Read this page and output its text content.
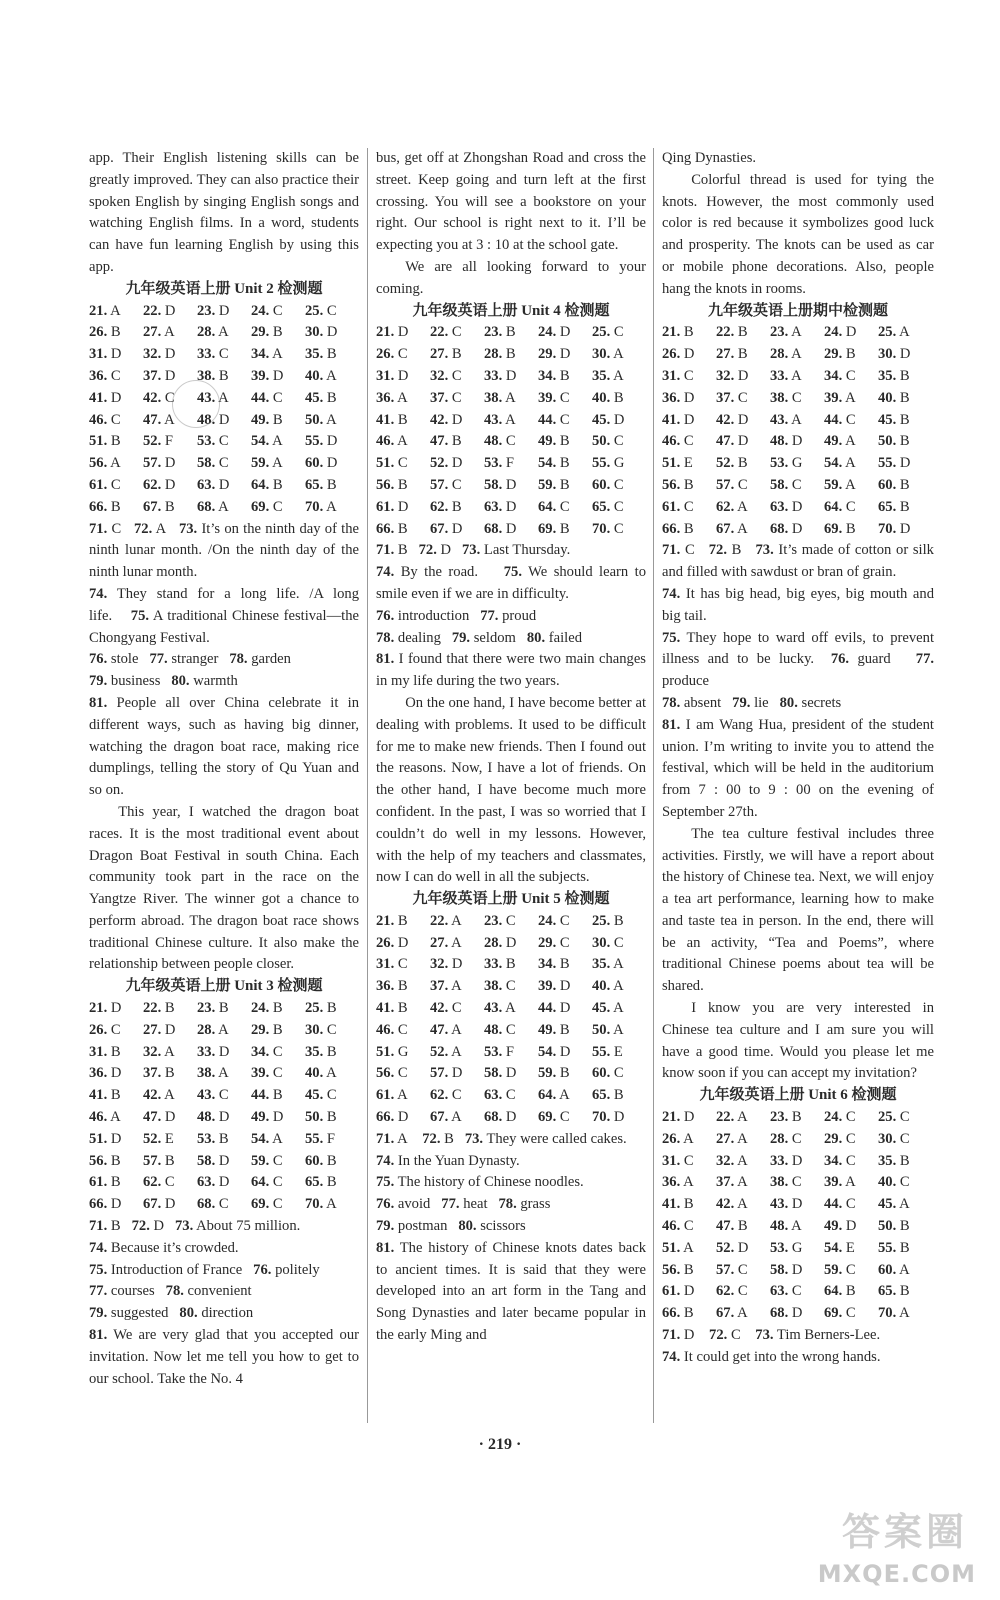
app. Their English listening skills can be greatly improved. They can also practice their spoken English by singing English songs and watching English films. In a word, students can have fun learning English by using this app.

九年级英语上册 Unit 2 检测题

21. A	22. D	23. D	24. C	25. C
26. B	27. A	28. A	29. B	30. D
31. D	32. D	33. C	34. A	35. B
36. C	37. D	38. B	39. D	40. A
41. D	42. C	43. A	44. C	45. B
46. C	47. A	48. D	49. B	50. A
51. B	52. F	53. C	54. A	55. D
56. A	57. D	58. C	59. A	60. D
61. C	62. D	63. D	64. B	65. B
66. B	67. B	68. A	69. C	70. A

71. C 72. A 73. It’s on the ninth day of the ninth lunar month. /On the ninth day of the ninth lunar month.

74. They stand for a long life. /A long life. 75. A traditional Chinese festival—the Chongyang Festival.

76. stole 77. stranger 78. garden

79. business 80. warmth

81. People all over China celebrate it in different ways, such as having big dinner, watching the dragon boat race, making rice dumplings, telling the story of Qu Yuan and so on.

This year, I watched the dragon boat races. It is the most traditional event about Dragon Boat Festival in south China. Each community took part in the race on the Yangtze River. The winner got a chance to perform abroad. The dragon boat race shows traditional Chinese culture. It also make the relationship between people closer.

九年级英语上册 Unit 3 检测题

21. D	22. B	23. B	24. B	25. B
26. C	27. D	28. A	29. B	30. C
31. B	32. A	33. D	34. C	35. B
36. D	37. B	38. A	39. C	40. A
41. B	42. A	43. C	44. B	45. C
46. A	47. D	48. D	49. D	50. B
51. D	52. E	53. B	54. A	55. F
56. B	57. B	58. D	59. C	60. B
61. B	62. C	63. D	64. C	65. B
66. D	67. D	68. C	69. C	70. A

71. B 72. D 73. About 75 million.

74. Because it’s crowded.

75. Introduction of France 76. politely

77. courses 78. convenient

79. suggested 80. direction

81. We are very glad that you accepted our invitation. Now let me tell you how to get to our school. Take the No. 4

bus, get off at Zhongshan Road and cross the street. Keep going and turn left at the first crossing. You will see a bookstore on your right. Our school is right next to it. I’ll be expecting you at 3 : 10 at the school gate.

We are all looking forward to your coming.

九年级英语上册 Unit 4 检测题

21. D	22. C	23. B	24. D	25. C
26. C	27. B	28. B	29. D	30. A
31. D	32. C	33. D	34. B	35. A
36. A	37. C	38. A	39. C	40. B
41. B	42. D	43. A	44. C	45. D
46. A	47. B	48. C	49. B	50. C
51. C	52. D	53. F	54. B	55. G
56. B	57. C	58. D	59. B	60. C
61. D	62. B	63. D	64. C	65. C
66. B	67. D	68. D	69. B	70. C

71. B 72. D 73. Last Thursday.

74. By the road. 75. We should learn to smile even if we are in difficulty.

76. introduction 77. proud

78. dealing 79. seldom 80. failed

81. I found that there were two main changes in my life during the two years.

On the one hand, I have become better at dealing with problems. It used to be difficult for me to make new friends. Then I found out the reasons. Now, I have a lot of friends. On the other hand, I have become much more confident. In the past, I was so worried that I couldn’t do well in my lessons. However, with the help of my teachers and classmates, now I can do well in all the subjects.

九年级英语上册 Unit 5 检测题

21. B	22. A	23. C	24. C	25. B
26. D	27. A	28. D	29. C	30. C
31. C	32. D	33. B	34. B	35. A
36. B	37. A	38. C	39. D	40. A
41. B	42. C	43. A	44. D	45. A
46. C	47. A	48. C	49. B	50. A
51. G	52. A	53. F	54. D	55. E
56. C	57. D	58. D	59. B	60. C
61. A	62. C	63. C	64. A	65. B
66. D	67. A	68. D	69. C	70. D

71. A 72. B 73. They were called cakes.

74. In the Yuan Dynasty.

75. The history of Chinese noodles.

76. avoid 77. heat 78. grass

79. postman 80. scissors

81. The history of Chinese knots dates back to ancient times. It is said that they were developed into an art form in the Tang and Song Dynasties and later became popular in the early Ming and

Qing Dynasties.

Colorful thread is used for tying the knots. However, the most commonly used color is red because it symbolizes good luck and prosperity. The knots can be used as car or mobile phone decorations. Also, people hang the knots in rooms.

九年级英语上册期中检测题

21. B	22. B	23. A	24. D	25. A
26. D	27. B	28. A	29. B	30. D
31. C	32. D	33. A	34. C	35. B
36. D	37. C	38. C	39. A	40. B
41. D	42. D	43. A	44. C	45. B
46. C	47. D	48. D	49. A	50. B
51. E	52. B	53. G	54. A	55. D
56. B	57. C	58. C	59. A	60. B
61. C	62. A	63. D	64. C	65. B
66. B	67. A	68. D	69. B	70. D

71. C 72. B 73. It’s made of cotton or silk and filled with sawdust or bran of grain.

74. It has big head, big eyes, big mouth and big tail.

75. They hope to ward off evils, to prevent illness and to be lucky. 76. guard 77. produce

78. absent 79. lie 80. secrets

81. I am Wang Hua, president of the student union. I’m writing to invite you to attend the festival, which will be held in the auditorium from 7 : 00 to 9 : 00 on the evening of September 27th.

The tea culture festival includes three activities. Firstly, we will have a report about the history of Chinese tea. Next, we will enjoy a tea art performance, learning how to make and taste tea in person. In the end, there will be an activity, “Tea and Poems”, where traditional Chinese poems about tea will be shared.

I know you are very interested in Chinese tea culture and I am sure you will have a good time. Would you please let me know soon if you can accept my invitation?

九年级英语上册 Unit 6 检测题

21. D	22. A	23. B	24. C	25. C
26. A	27. A	28. C	29. C	30. C
31. C	32. A	33. D	34. C	35. B
36. A	37. A	38. C	39. A	40. C
41. B	42. A	43. D	44. C	45. A
46. C	47. B	48. A	49. D	50. B
51. A	52. D	53. G	54. E	55. B
56. B	57. C	58. D	59. C	60. A
61. D	62. C	63. C	64. B	65. B
66. B	67. A	68. D	69. C	70. A

71. D 72. C 73. Tim Berners-Lee.

74. It could get into the wrong hands.

· 219 ·
答案圈
MXQE.COM
